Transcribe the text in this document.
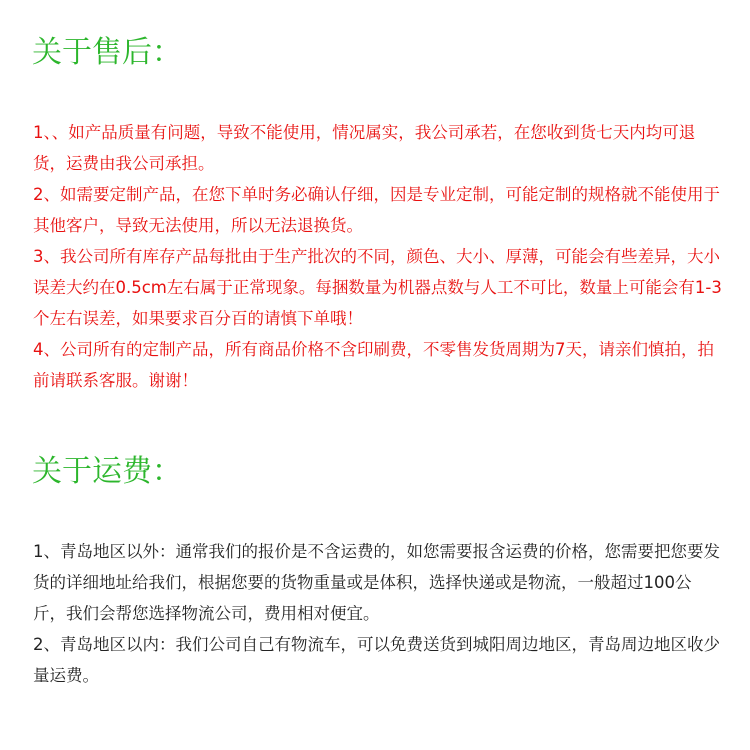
关于售后：

1、、如产品质量有问题，导致不能使用，情况属实，我公司承若，在您收到货七天内均可退货，运费由我公司承担。

2、如需要定制产品，在您下单时务必确认仔细，因是专业定制，可能定制的规格就不能使用于其他客户，导致无法使用，所以无法退换货。

3、我公司所有库存产品每批由于生产批次的不同，颜色、大小、厚薄，可能会有些差异，大小误差大约在0.5cm左右属于正常现象。每捆数量为机器点数与人工不可比，数量上可能会有1-3个左右误差，如果要求百分百的请慎下单哦！

4、公司所有的定制产品，所有商品价格不含印刷费，不零售发货周期为7天，请亲们慎拍，拍前请联系客服。谢谢！

关于运费：

1、青岛地区以外：通常我们的报价是不含运费的，如您需要报含运费的价格，您需要把您要发货的详细地址给我们，根据您要的货物重量或是体积，选择快递或是物流，一般超过100公斤，我们会帮您选择物流公司，费用相对便宜。

2、青岛地区以内：我们公司自己有物流车，可以免费送货到城阳周边地区，青岛周边地区收少量运费。
